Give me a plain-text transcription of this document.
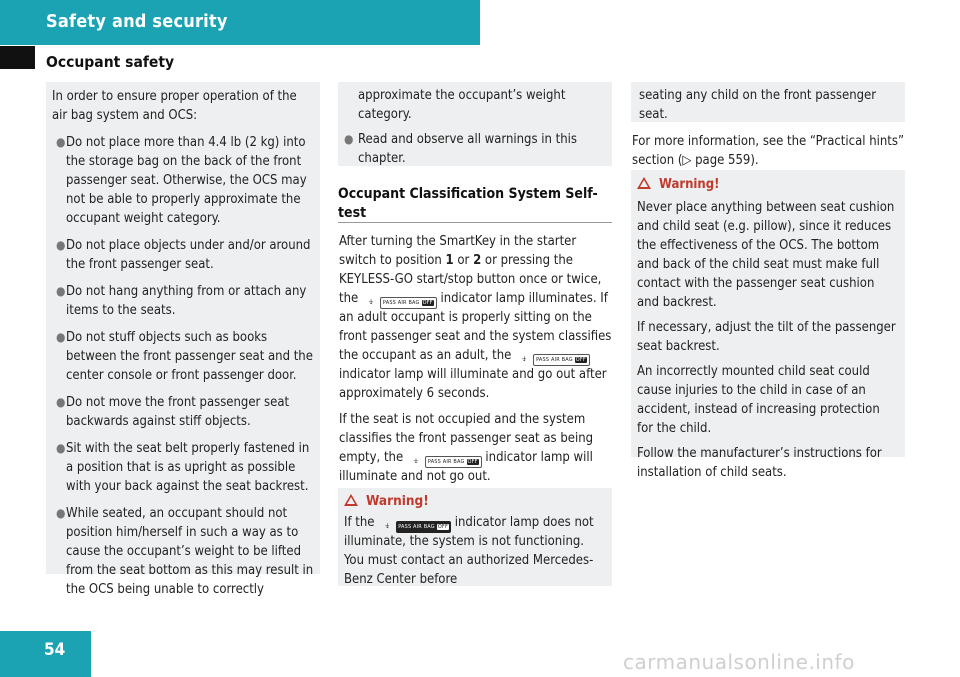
Safety and security
Occupant safety

In order to ensure proper operation of the air bag system and OCS:

● Do not place more than 4.4 lb (2 kg) into the storage bag on the back of the front passenger seat. Otherwise, the OCS may not be able to properly approximate the occupant weight category.
● Do not place objects under and/or around the front passenger seat.
● Do not hang anything from or attach any items to the seats.
● Do not stuff objects such as books between the front passenger seat and the center console or front passenger door.
● Do not move the front passenger seat backwards against stiff objects.
● Sit with the seat belt properly fastened in a position that is as upright as possible with your back against the seat backrest.
● While seated, an occupant should not position him/herself in such a way as to cause the occupant’s weight to be lifted from the seat bottom as this may result in the OCS being unable to correctly

approximate the occupant’s weight category.

● Read and observe all warnings in this chapter.
Occupant Classification System Self-test

After turning the SmartKey in the starter switch to position 1 or 2 or pressing the KEYLESS-GO start/stop button once or twice, the ⍖ PASS AIR BAG OFF indicator lamp illuminates. If an adult occupant is properly sitting on the front passenger seat and the system classifies the occupant as an adult, the ⍖ PASS AIR BAG OFF indicator lamp will illuminate and go out after approximately 6 seconds.

If the seat is not occupied and the system classifies the front passenger seat as being empty, the ⍖ PASS AIR BAG OFF indicator lamp will illuminate and not go out.

Warning!

If the ⍖ PASS AIR BAG OFF indicator lamp does not illuminate, the system is not functioning. You must contact an authorized Mercedes-Benz Center before

seating any child on the front passenger seat.

For more information, see the “Practical hints” section (▷ page 559).

Warning!

Never place anything between seat cushion and child seat (e.g. pillow), since it reduces the effectiveness of the OCS. The bottom and back of the child seat must make full contact with the passenger seat cushion and backrest.

If necessary, adjust the tilt of the passenger seat backrest.

An incorrectly mounted child seat could cause injuries to the child in case of an accident, instead of increasing protection for the child.

Follow the manufacturer’s instructions for installation of child seats.

54	carmanualsonline.info
